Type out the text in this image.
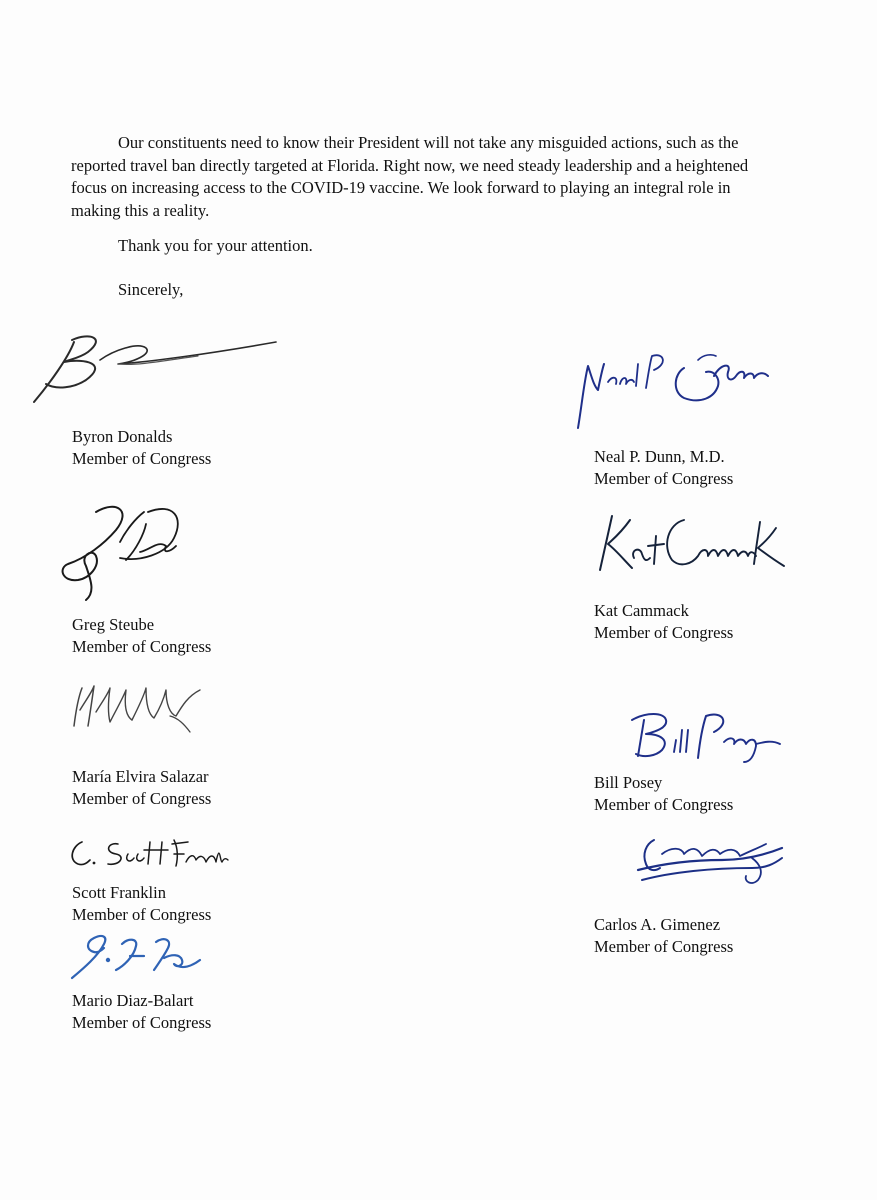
Our constituents need to know their President will not take any misguided actions, such as the reported travel ban directly targeted at Florida. Right now, we need steady leadership and a heightened focus on increasing access to the COVID-19 vaccine. We look forward to playing an integral role in making this a reality.

Thank you for your attention.

Sincerely,

Byron Donalds
Member of Congress
Greg Steube
Member of Congress
María Elvira Salazar
Member of Congress
Scott Franklin
Member of Congress
Mario Diaz-Balart
Member of Congress
Neal P. Dunn, M.D.
Member of Congress
Kat Cammack
Member of Congress
Bill Posey
Member of Congress
Carlos A. Gimenez
Member of Congress
